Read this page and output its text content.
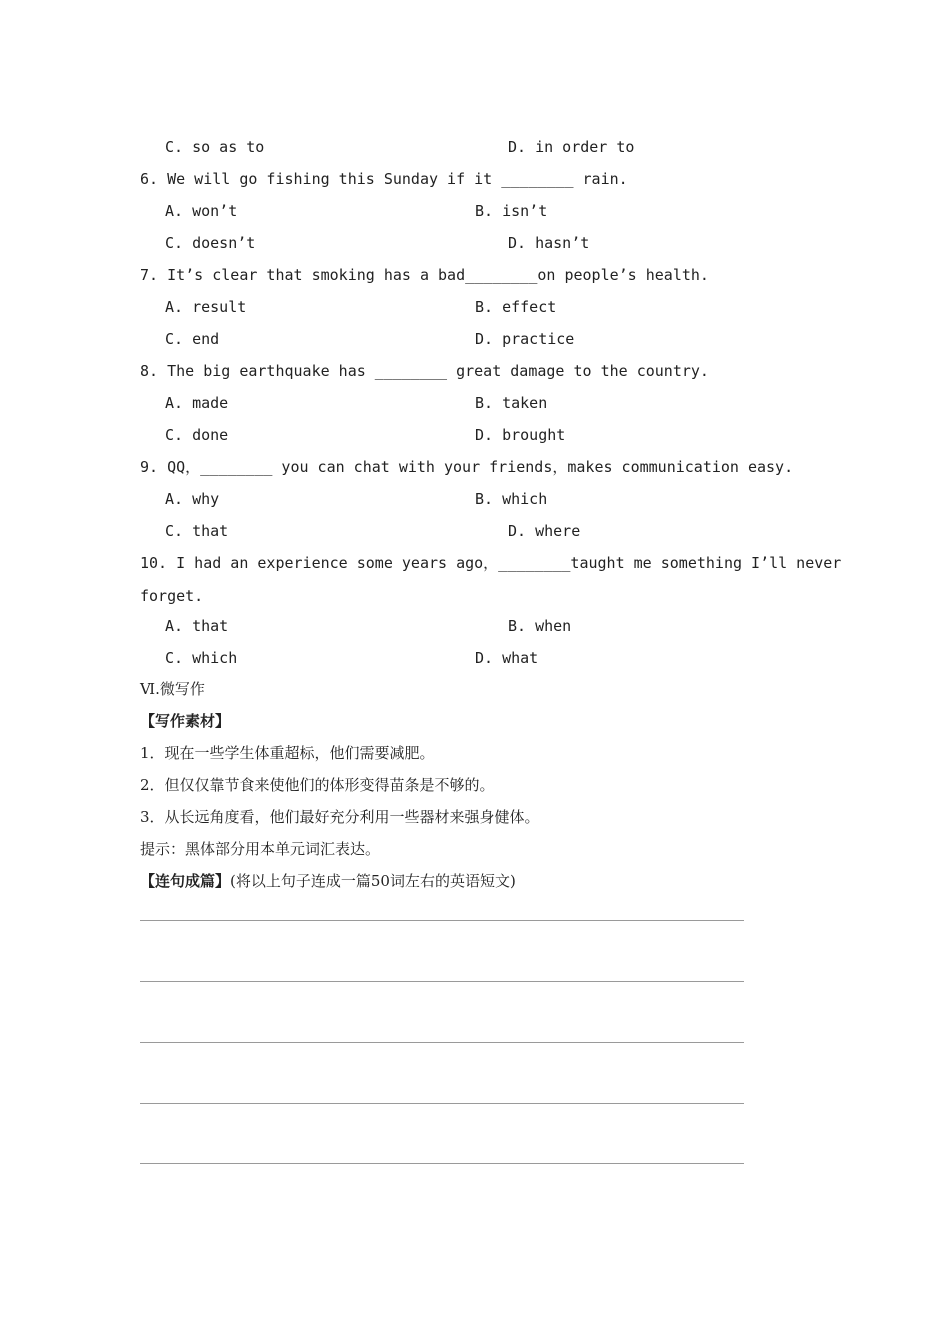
C. so as to	D. in order to
6. We will go fishing this Sunday if it ________ rain.
A. won’t	B. isn’t
C. doesn’t	D. hasn’t
7. It’s clear that smoking has a bad________on people’s health.
A. result	B. effect
C. end	D. practice
8. The big earthquake has ________ great damage to the country.
A. made	B. taken
C. done	D. brought
9. QQ，________ you can chat with your friends，makes communication easy.
A. why	B. which
C. that	D. where
10. I had an experience some years ago，________taught me something I’ll never
forget.
A. that	B. when
C. which	D. what
Ⅵ.微写作
【写作素材】
1．现在一些学生体重超标，他们需要减肥。
2．但仅仅靠节食来使他们的体形变得苗条是不够的。
3．从长远角度看，他们最好充分利用一些器材来强身健体。
提示：黑体部分用本单元词汇表达。
【连句成篇】(将以上句子连成一篇50词左右的英语短文)
